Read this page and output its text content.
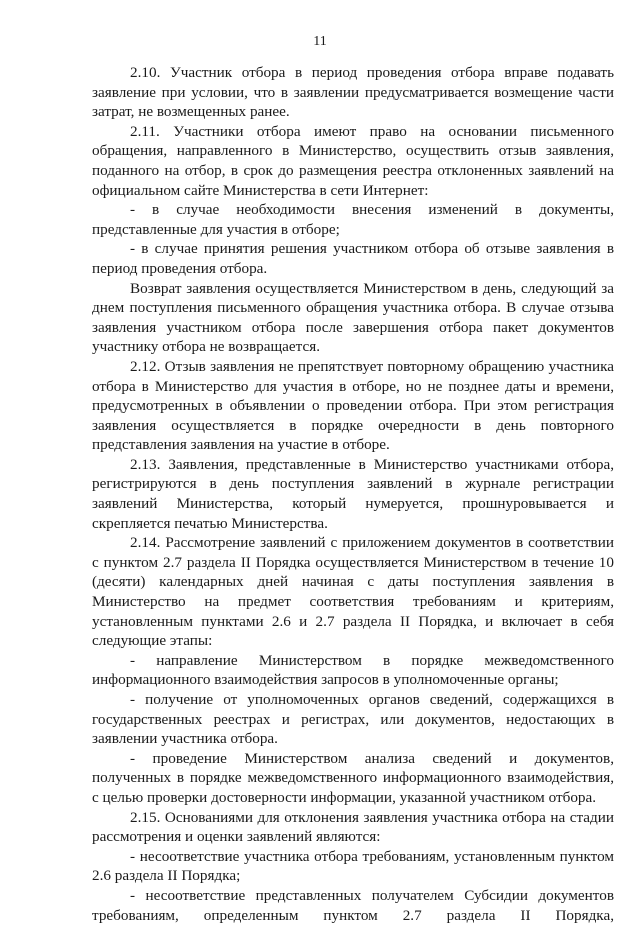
11

2.10. Участник отбора в период проведения отбора вправе подавать заявление при условии, что в заявлении предусматривается возмещение части затрат, не возмещенных ранее.

2.11. Участники отбора имеют право на основании письменного обращения, направленного в Министерство, осуществить отзыв заявления, поданного на отбор, в срок до размещения реестра отклоненных заявлений на официальном сайте Министерства в сети Интернет:

- в случае необходимости внесения изменений в документы, представленные для участия в отборе;

- в случае принятия решения участником отбора об отзыве заявления в период проведения отбора.

Возврат заявления осуществляется Министерством в день, следующий за днем поступления письменного обращения участника отбора. В случае отзыва заявления участником отбора после завершения отбора пакет документов участнику отбора не возвращается.

2.12. Отзыв заявления не препятствует повторному обращению участника отбора в Министерство для участия в отборе, но не позднее даты и времени, предусмотренных в объявлении о проведении отбора. При этом регистрация заявления осуществляется в порядке очередности в день повторного представления заявления на участие в отборе.

2.13. Заявления, представленные в Министерство участниками отбора, регистрируются в день поступления заявлений в журнале регистрации заявлений Министерства, который нумеруется, прошнуровывается и скрепляется печатью Министерства.

2.14. Рассмотрение заявлений с приложением документов в соответствии с пунктом 2.7 раздела II Порядка осуществляется Министерством в течение 10 (десяти) календарных дней начиная с даты поступления заявления в Министерство на предмет соответствия требованиям и критериям, установленным пунктами 2.6 и 2.7 раздела II Порядка, и включает в себя следующие этапы:

- направление Министерством в порядке межведомственного информационного взаимодействия запросов в уполномоченные органы;

- получение от уполномоченных органов сведений, содержащихся в государственных реестрах и регистрах, или документов, недостающих в заявлении участника отбора.

- проведение Министерством анализа сведений и документов, полученных в порядке межведомственного информационного взаимодействия, с целью проверки достоверности информации, указанной участником отбора.

2.15. Основаниями для отклонения заявления участника отбора на стадии рассмотрения и оценки заявлений являются:

- несоответствие участника отбора требованиям, установленным пунктом 2.6 раздела II Порядка;

- несоответствие представленных получателем Субсидии документов требованиям, определенным пунктом 2.7 раздела II Порядка,
